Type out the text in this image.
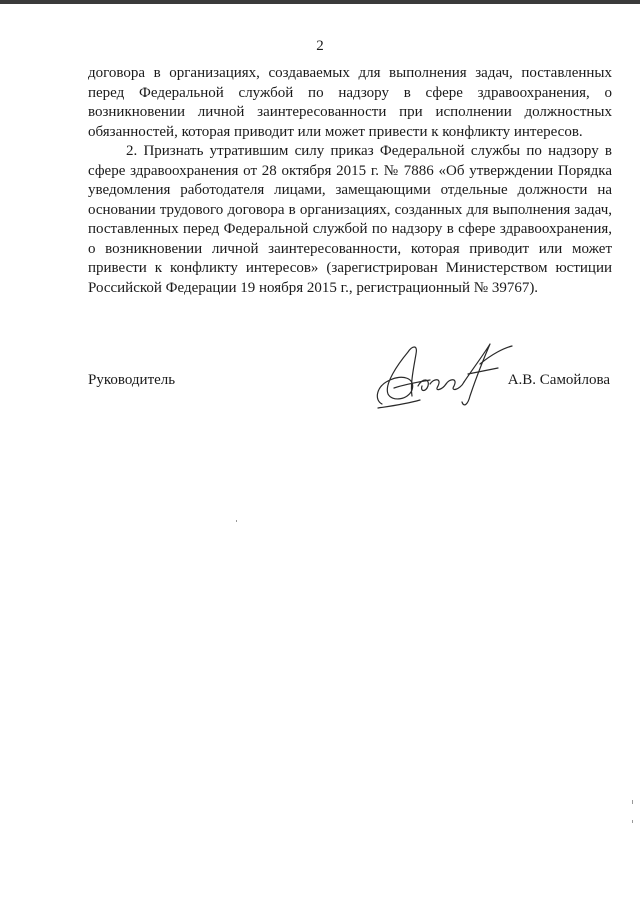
2

договора в организациях, создаваемых для выполнения задач, поставленных перед Федеральной службой по надзору в сфере здравоохранения, о возникновении личной заинтересованности при исполнении должностных обязанностей, которая приводит или может привести к конфликту интересов.

2. Признать утратившим силу приказ Федеральной службы по надзору в сфере здравоохранения от 28 октября 2015 г. № 7886 «Об утверждении Порядка уведомления работодателя лицами, замещающими отдельные должности на основании трудового договора в организациях, созданных для выполнения задач, поставленных перед Федеральной службой по надзору в сфере здравоохранения, о возникновении личной заинтересованности, которая приводит или может привести к конфликту интересов» (зарегистрирован Министерством юстиции Российской Федерации 19 ноября 2015 г., регистрационный № 39767).

Руководитель	А.В. Самойлова
